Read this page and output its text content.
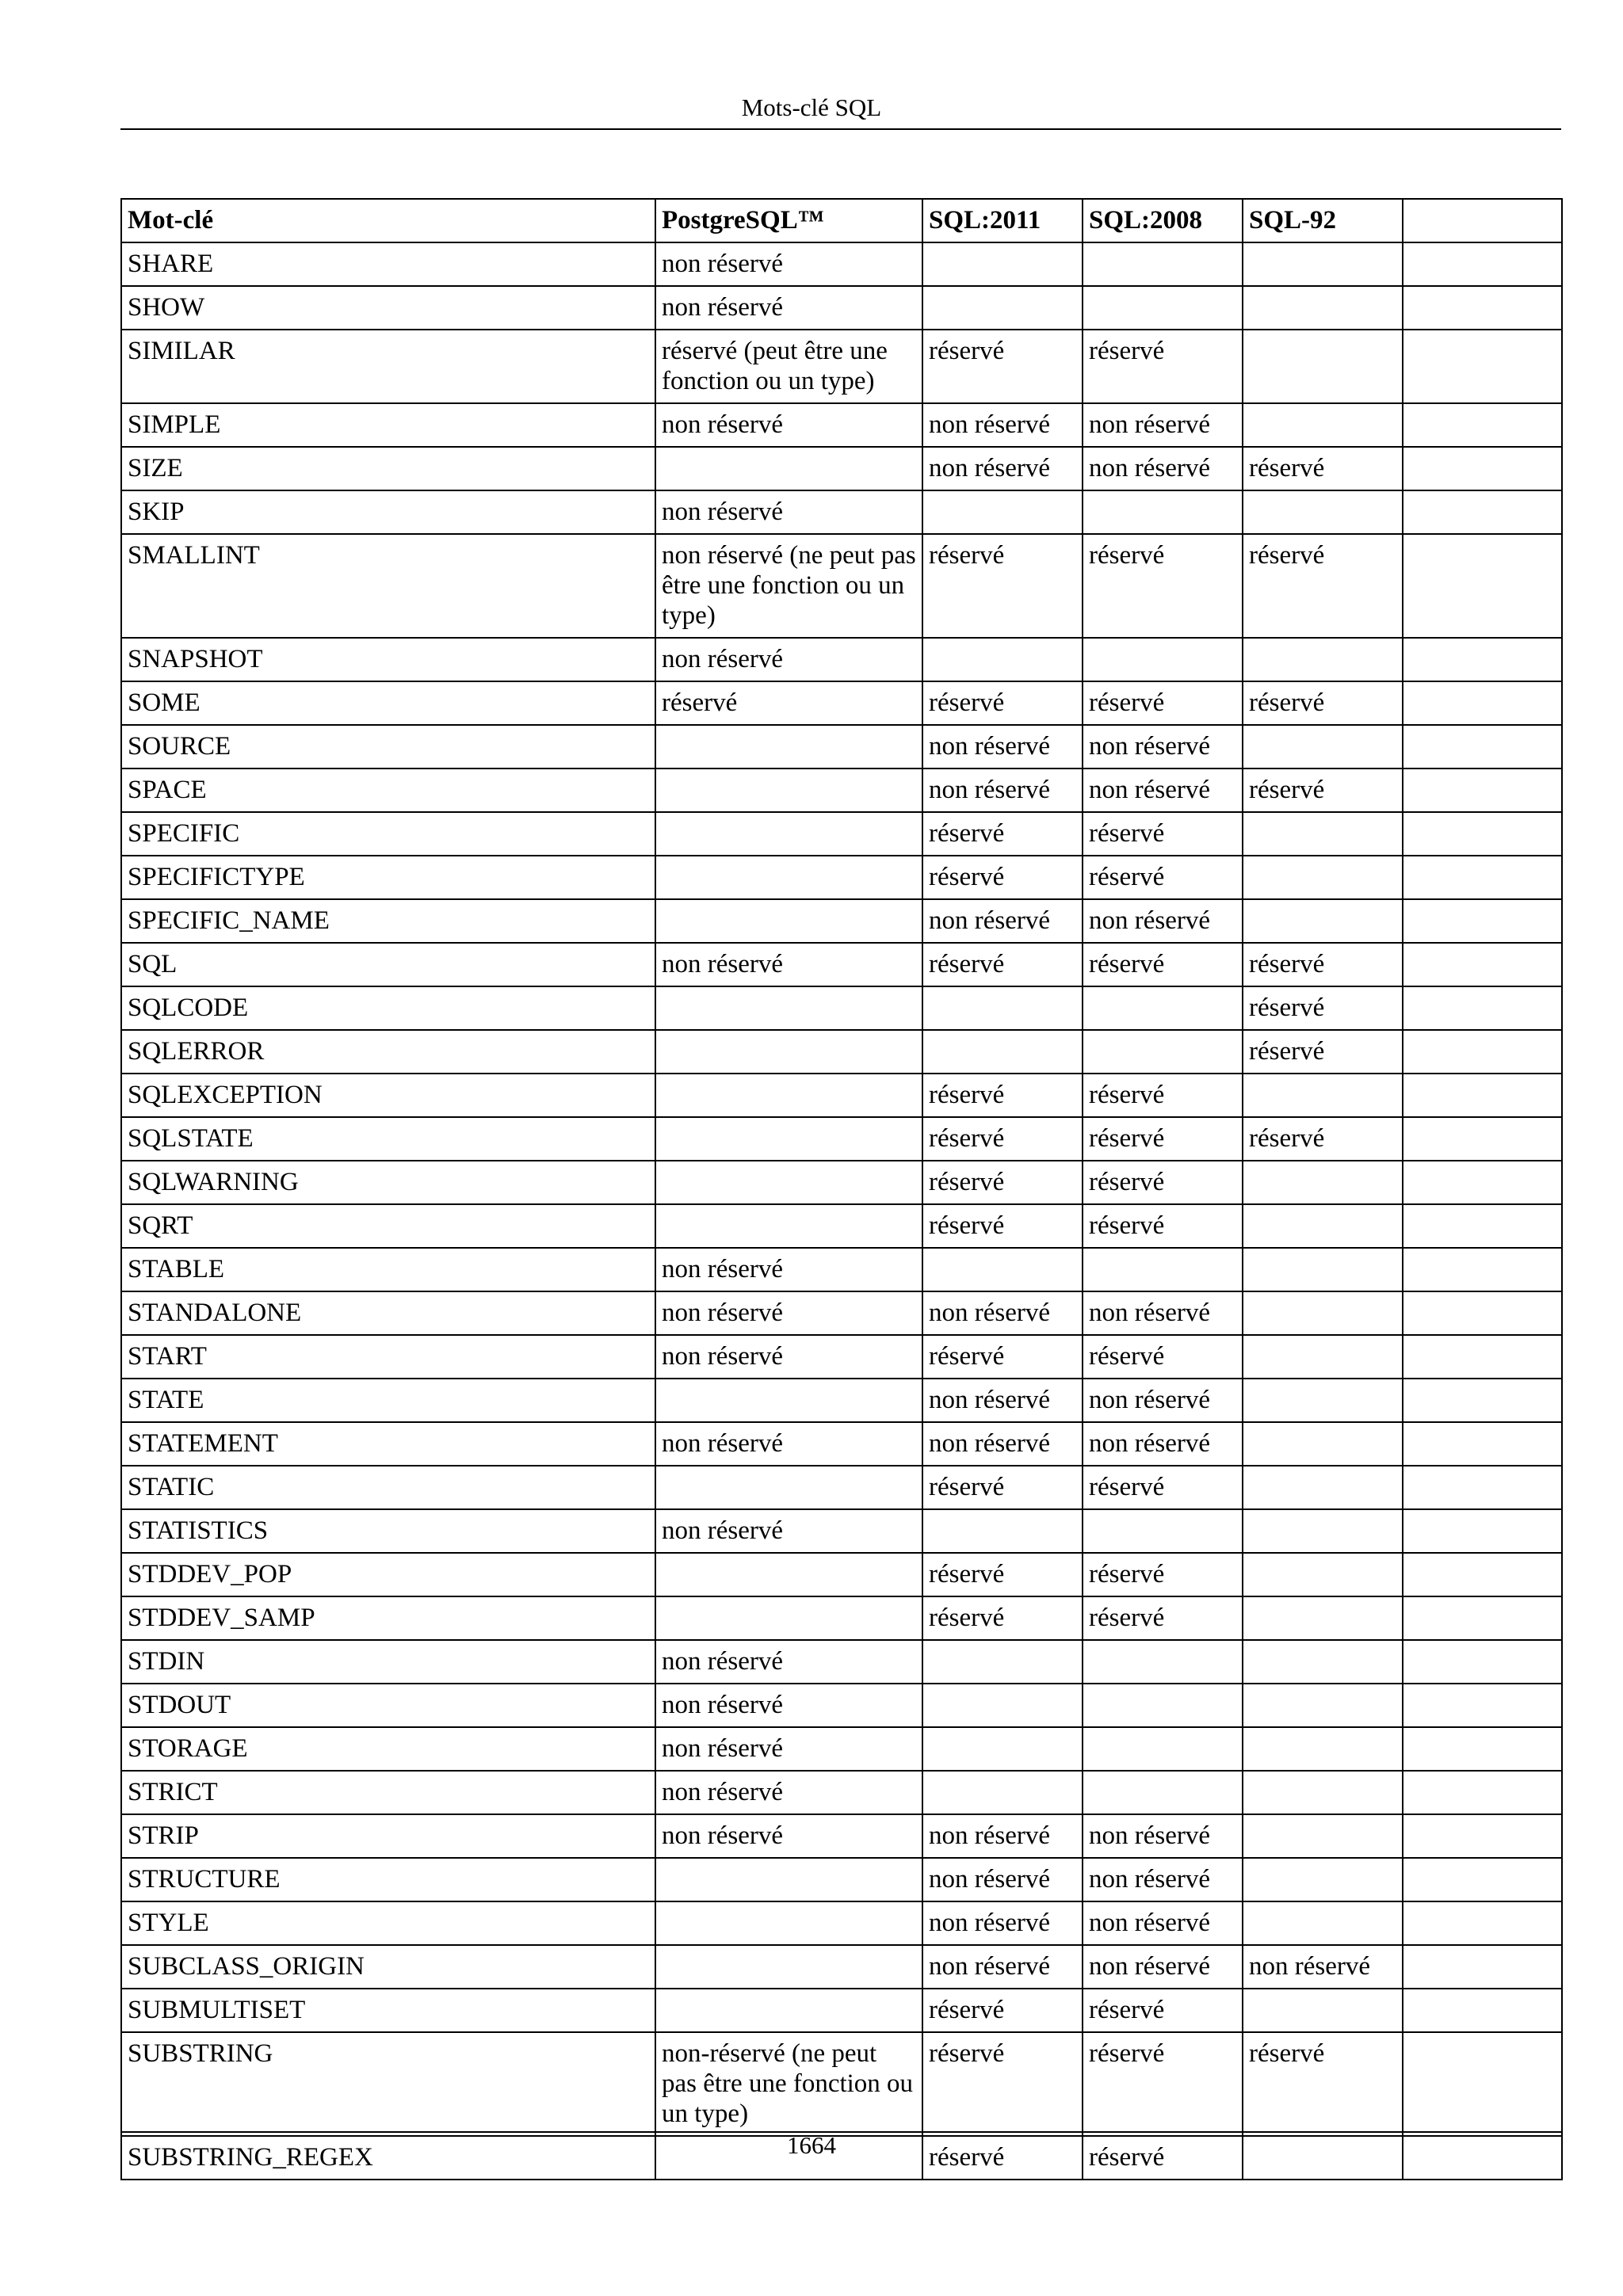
Mots-clé SQL
Mot-clé	PostgreSQL™	SQL:2011	SQL:2008	SQL-92	
SHARE	non réservé				
SHOW	non réservé				
SIMILAR	réservé (peut être une fonction ou un type)	réservé	réservé		
SIMPLE	non réservé	non réservé	non réservé		
SIZE		non réservé	non réservé	réservé	
SKIP	non réservé				
SMALLINT	non réservé (ne peut pas être une fonction ou un type)	réservé	réservé	réservé	
SNAPSHOT	non réservé				
SOME	réservé	réservé	réservé	réservé	
SOURCE		non réservé	non réservé		
SPACE		non réservé	non réservé	réservé	
SPECIFIC		réservé	réservé		
SPECIFICTYPE		réservé	réservé		
SPECIFIC_NAME		non réservé	non réservé		
SQL	non réservé	réservé	réservé	réservé	
SQLCODE				réservé	
SQLERROR				réservé	
SQLEXCEPTION		réservé	réservé		
SQLSTATE		réservé	réservé	réservé	
SQLWARNING		réservé	réservé		
SQRT		réservé	réservé		
STABLE	non réservé				
STANDALONE	non réservé	non réservé	non réservé		
START	non réservé	réservé	réservé		
STATE		non réservé	non réservé		
STATEMENT	non réservé	non réservé	non réservé		
STATIC		réservé	réservé		
STATISTICS	non réservé				
STDDEV_POP		réservé	réservé		
STDDEV_SAMP		réservé	réservé		
STDIN	non réservé				
STDOUT	non réservé				
STORAGE	non réservé				
STRICT	non réservé				
STRIP	non réservé	non réservé	non réservé		
STRUCTURE		non réservé	non réservé		
STYLE		non réservé	non réservé		
SUBCLASS_ORIGIN		non réservé	non réservé	non réservé	
SUBMULTISET		réservé	réservé		
SUBSTRING	non-réservé (ne peut pas être une fonction ou un type)	réservé	réservé	réservé	
SUBSTRING_REGEX		réservé	réservé		
1664
